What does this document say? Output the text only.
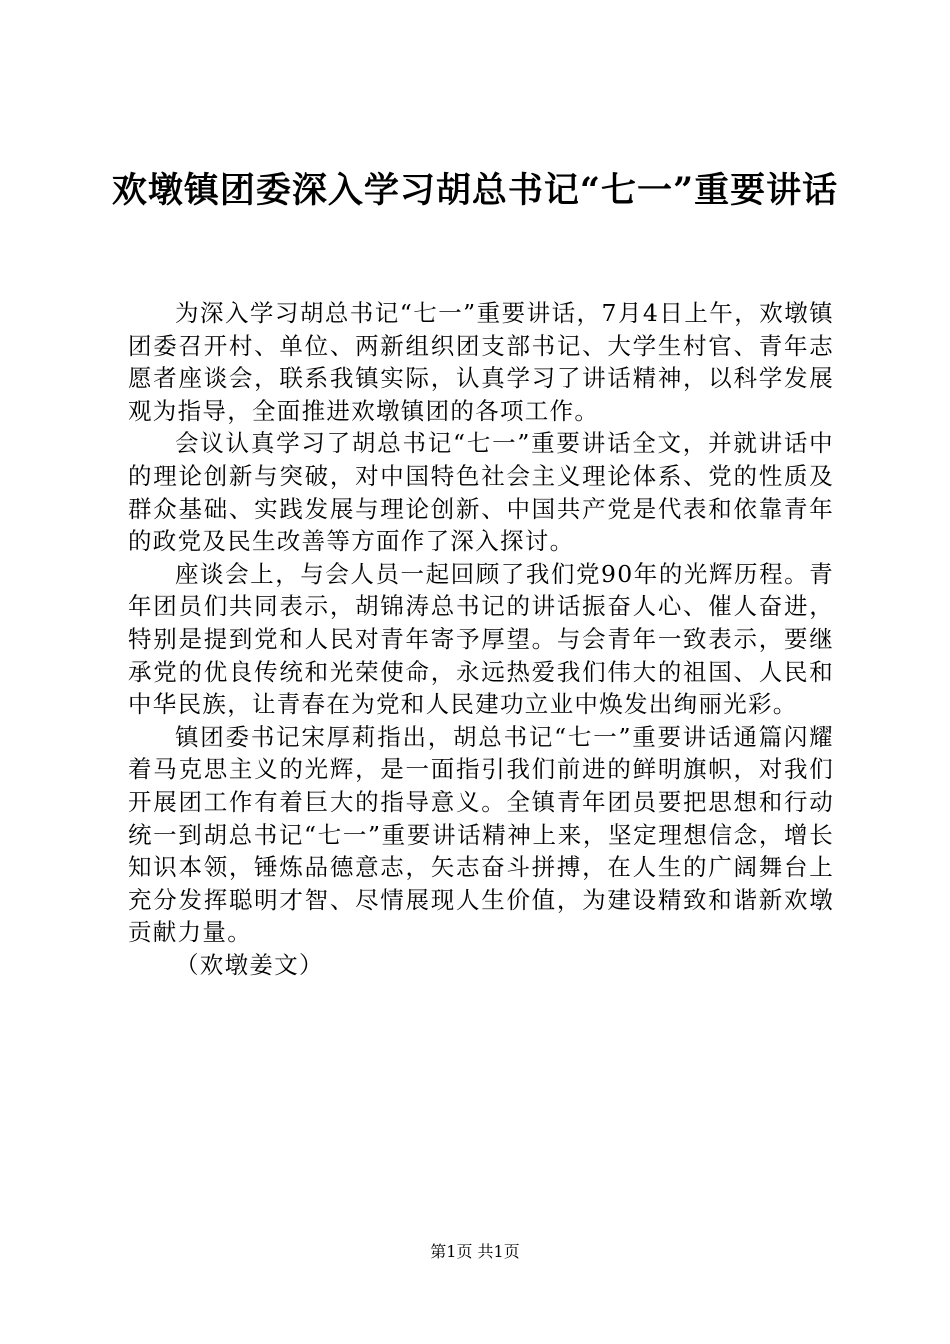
欢墩镇团委深入学习胡总书记“七一”重要讲话

为深入学习胡总书记“七一”重要讲话，7月4日上午，欢墩镇团委召开村、单位、两新组织团支部书记、大学生村官、青年志愿者座谈会，联系我镇实际，认真学习了讲话精神，以科学发展观为指导，全面推进欢墩镇团的各项工作。

会议认真学习了胡总书记“七一”重要讲话全文，并就讲话中的理论创新与突破，对中国特色社会主义理论体系、党的性质及群众基础、实践发展与理论创新、中国共产党是代表和依靠青年的政党及民生改善等方面作了深入探讨。

座谈会上，与会人员一起回顾了我们党90年的光辉历程。青年团员们共同表示，胡锦涛总书记的讲话振奋人心、催人奋进，特别是提到党和人民对青年寄予厚望。与会青年一致表示，要继承党的优良传统和光荣使命，永远热爱我们伟大的祖国、人民和中华民族，让青春在为党和人民建功立业中焕发出绚丽光彩。

镇团委书记宋厚莉指出，胡总书记“七一”重要讲话通篇闪耀着马克思主义的光辉，是一面指引我们前进的鲜明旗帜，对我们开展团工作有着巨大的指导意义。全镇青年团员要把思想和行动统一到胡总书记“七一”重要讲话精神上来，坚定理想信念，增长知识本领，锤炼品德意志，矢志奋斗拼搏，在人生的广阔舞台上充分发挥聪明才智、尽情展现人生价值，为建设精致和谐新欢墩贡献力量。

（欢墩姜文）

第1页 共1页
